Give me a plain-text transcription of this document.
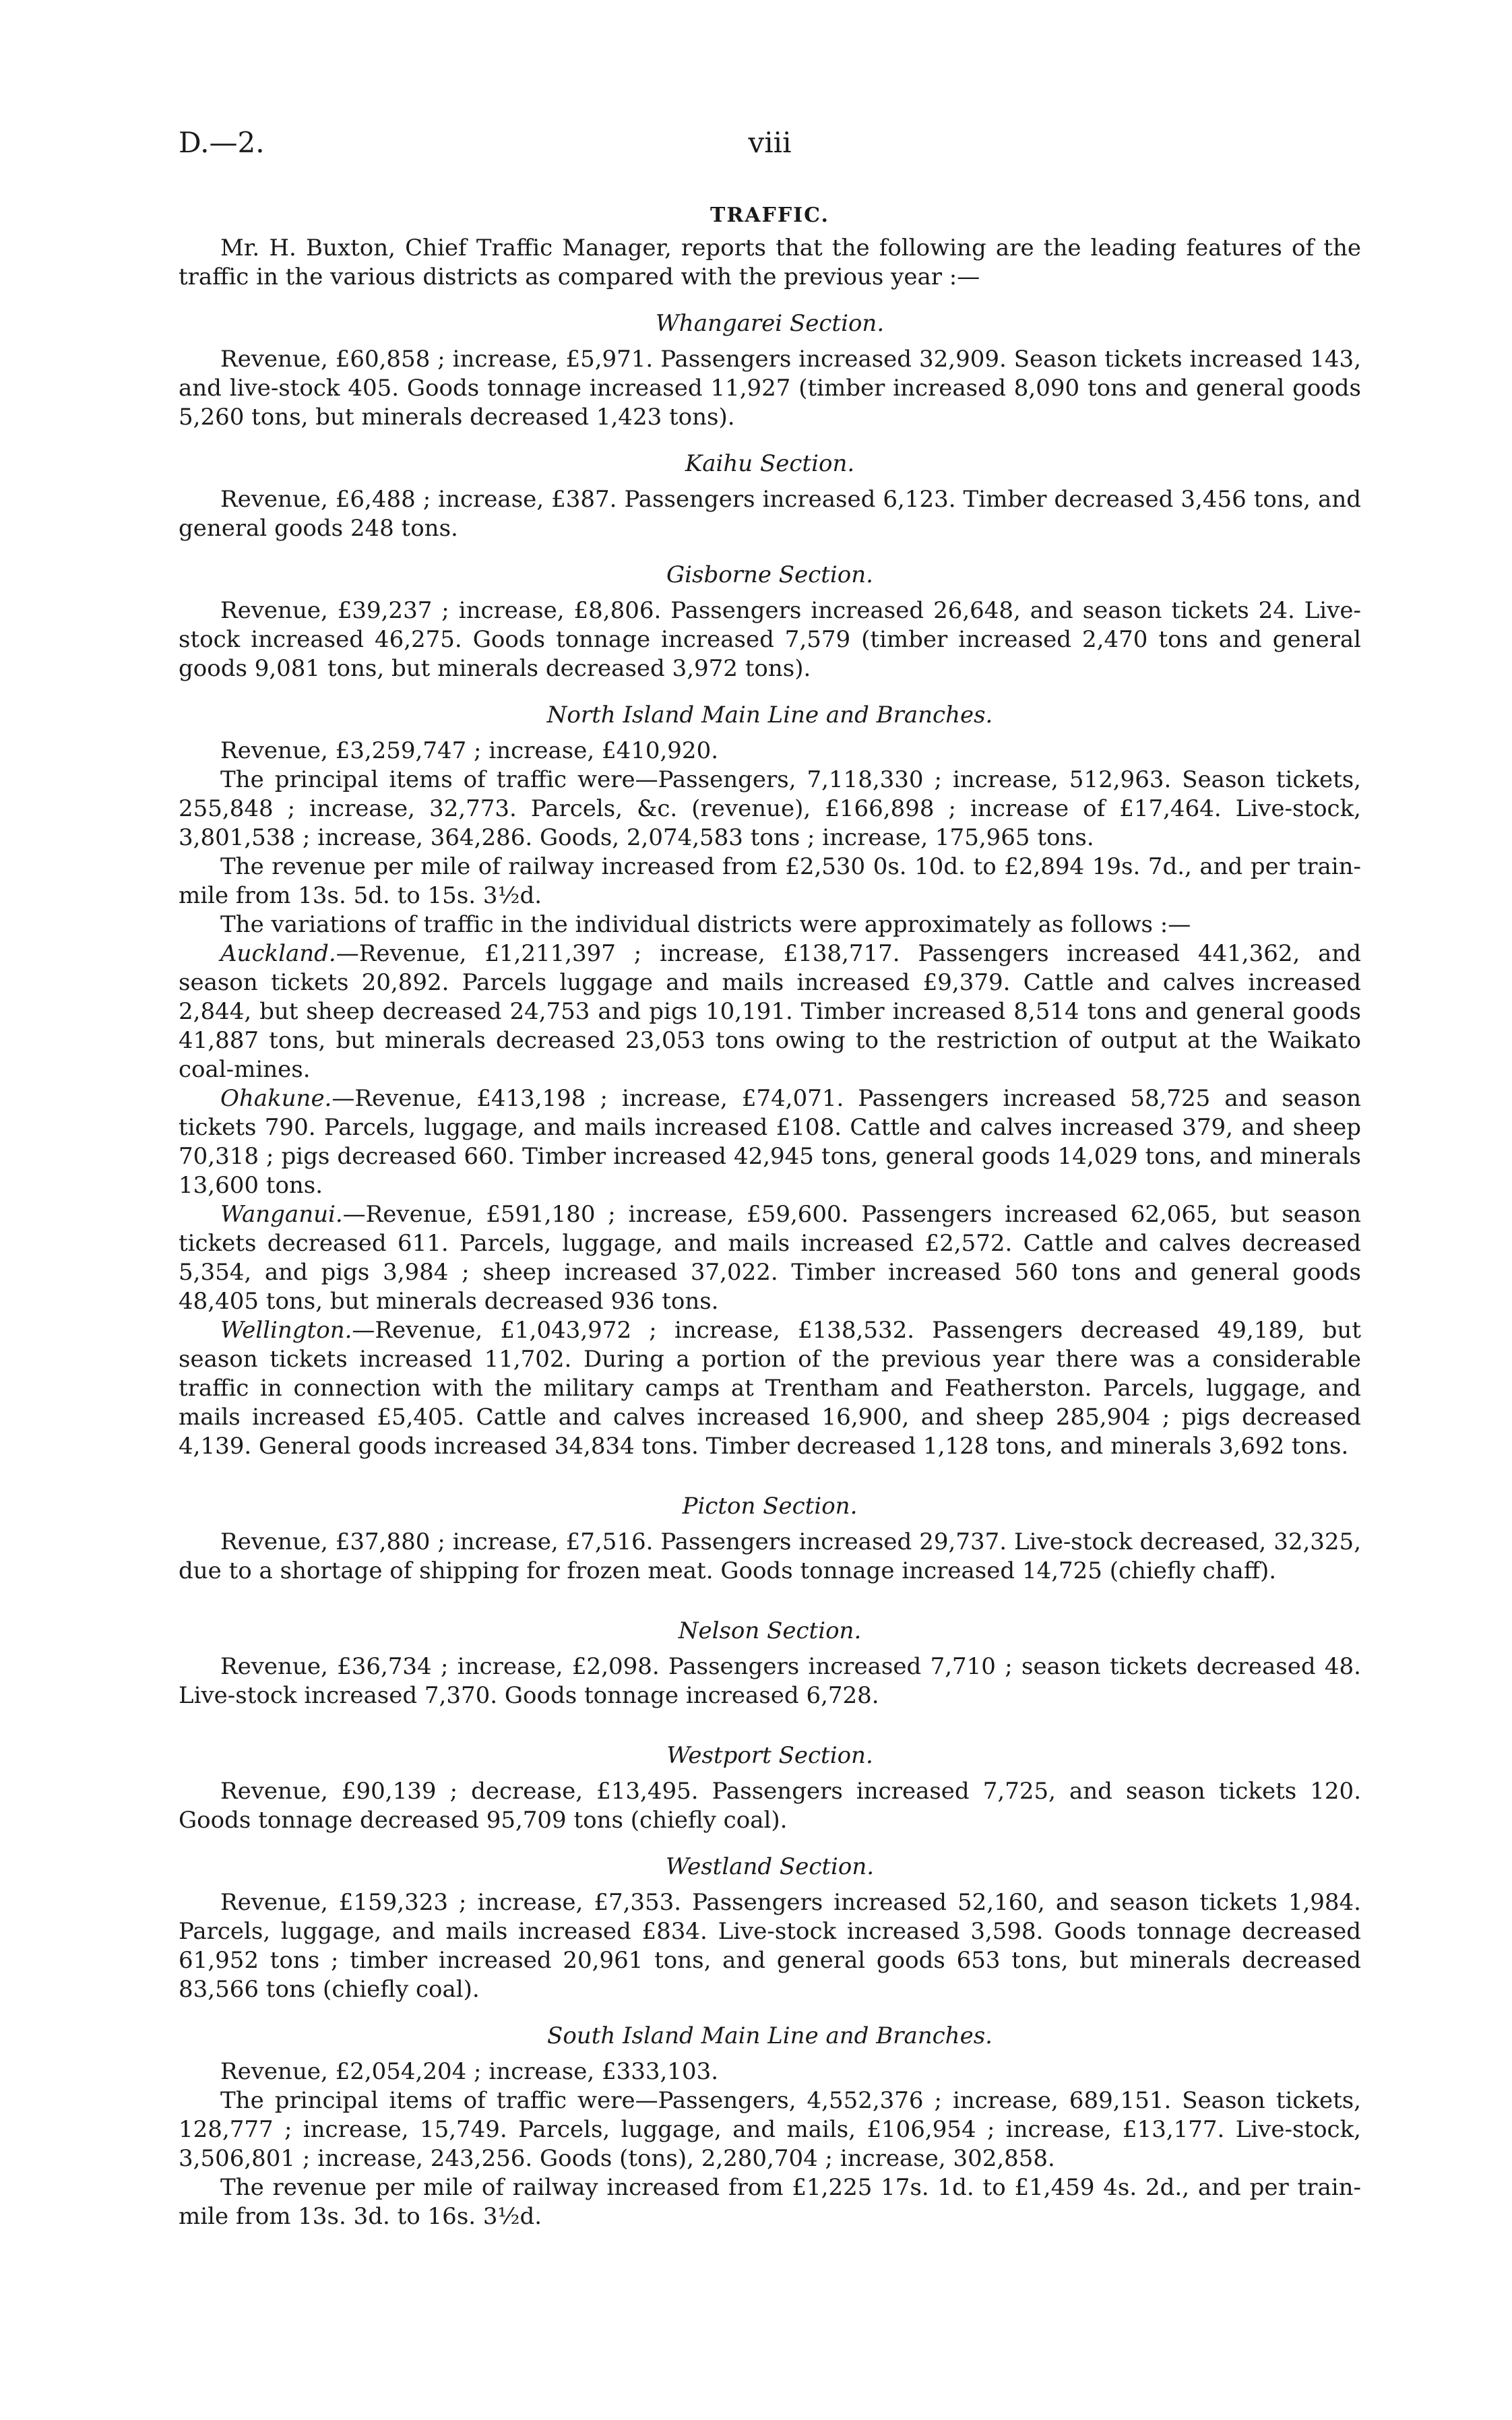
D.—2.	viii
TRAFFIC.

Mr. H. Buxton, Chief Traffic Manager, reports that the following are the leading features of the traffic in the various districts as compared with the previous year :—

Whangarei Section.

Revenue, £60,858 ; increase, £5,971. Passengers increased 32,909. Season tickets increased 143, and live-stock 405. Goods tonnage increased 11,927 (timber increased 8,090 tons and general goods 5,260 tons, but minerals decreased 1,423 tons).

Kaihu Section.

Revenue, £6,488 ; increase, £387. Passengers increased 6,123. Timber decreased 3,456 tons, and general goods 248 tons.

Gisborne Section.

Revenue, £39,237 ; increase, £8,806. Passengers increased 26,648, and season tickets 24. Live-stock increased 46,275. Goods tonnage increased 7,579 (timber increased 2,470 tons and general goods 9,081 tons, but minerals decreased 3,972 tons).

North Island Main Line and Branches.

Revenue, £3,259,747 ; increase, £410,920.

The principal items of traffic were—Passengers, 7,118,330 ; increase, 512,963. Season tickets, 255,848 ; increase, 32,773. Parcels, &c. (revenue), £166,898 ; increase of £17,464. Live-stock, 3,801,538 ; increase, 364,286. Goods, 2,074,583 tons ; increase, 175,965 tons.

The revenue per mile of railway increased from £2,530 0s. 10d. to £2,894 19s. 7d., and per train-mile from 13s. 5d. to 15s. 3½d.

The variations of traffic in the individual districts were approximately as follows :—

Auckland.—Revenue, £1,211,397 ; increase, £138,717. Passengers increased 441,362, and season tickets 20,892. Parcels luggage and mails increased £9,379. Cattle and calves increased 2,844, but sheep decreased 24,753 and pigs 10,191. Timber increased 8,514 tons and general goods 41,887 tons, but minerals decreased 23,053 tons owing to the restriction of output at the Waikato coal-mines.

Ohakune.—Revenue, £413,198 ; increase, £74,071. Passengers increased 58,725 and season tickets 790. Parcels, luggage, and mails increased £108. Cattle and calves increased 379, and sheep 70,318 ; pigs decreased 660. Timber increased 42,945 tons, general goods 14,029 tons, and minerals 13,600 tons.

Wanganui.—Revenue, £591,180 ; increase, £59,600. Passengers increased 62,065, but season tickets decreased 611. Parcels, luggage, and mails increased £2,572. Cattle and calves decreased 5,354, and pigs 3,984 ; sheep increased 37,022. Timber increased 560 tons and general goods 48,405 tons, but minerals decreased 936 tons.

Wellington.—Revenue, £1,043,972 ; increase, £138,532. Passengers decreased 49,189, but season tickets increased 11,702. During a portion of the previous year there was a considerable traffic in connection with the military camps at Trentham and Featherston. Parcels, luggage, and mails increased £5,405. Cattle and calves increased 16,900, and sheep 285,904 ; pigs decreased 4,139. General goods increased 34,834 tons. Timber decreased 1,128 tons, and minerals 3,692 tons.

Picton Section.

Revenue, £37,880 ; increase, £7,516. Passengers increased 29,737. Live-stock decreased, 32,325, due to a shortage of shipping for frozen meat. Goods tonnage increased 14,725 (chiefly chaff).

Nelson Section.

Revenue, £36,734 ; increase, £2,098. Passengers increased 7,710 ; season tickets decreased 48. Live-stock increased 7,370. Goods tonnage increased 6,728.

Westport Section.

Revenue, £90,139 ; decrease, £13,495. Passengers increased 7,725, and season tickets 120. Goods tonnage decreased 95,709 tons (chiefly coal).

Westland Section.

Revenue, £159,323 ; increase, £7,353. Passengers increased 52,160, and season tickets 1,984. Parcels, luggage, and mails increased £834. Live-stock increased 3,598. Goods tonnage decreased 61,952 tons ; timber increased 20,961 tons, and general goods 653 tons, but minerals decreased 83,566 tons (chiefly coal).

South Island Main Line and Branches.

Revenue, £2,054,204 ; increase, £333,103.

The principal items of traffic were—Passengers, 4,552,376 ; increase, 689,151. Season tickets, 128,777 ; increase, 15,749. Parcels, luggage, and mails, £106,954 ; increase, £13,177. Live-stock, 3,506,801 ; increase, 243,256. Goods (tons), 2,280,704 ; increase, 302,858.

The revenue per mile of railway increased from £1,225 17s. 1d. to £1,459 4s. 2d., and per train-mile from 13s. 3d. to 16s. 3½d.
